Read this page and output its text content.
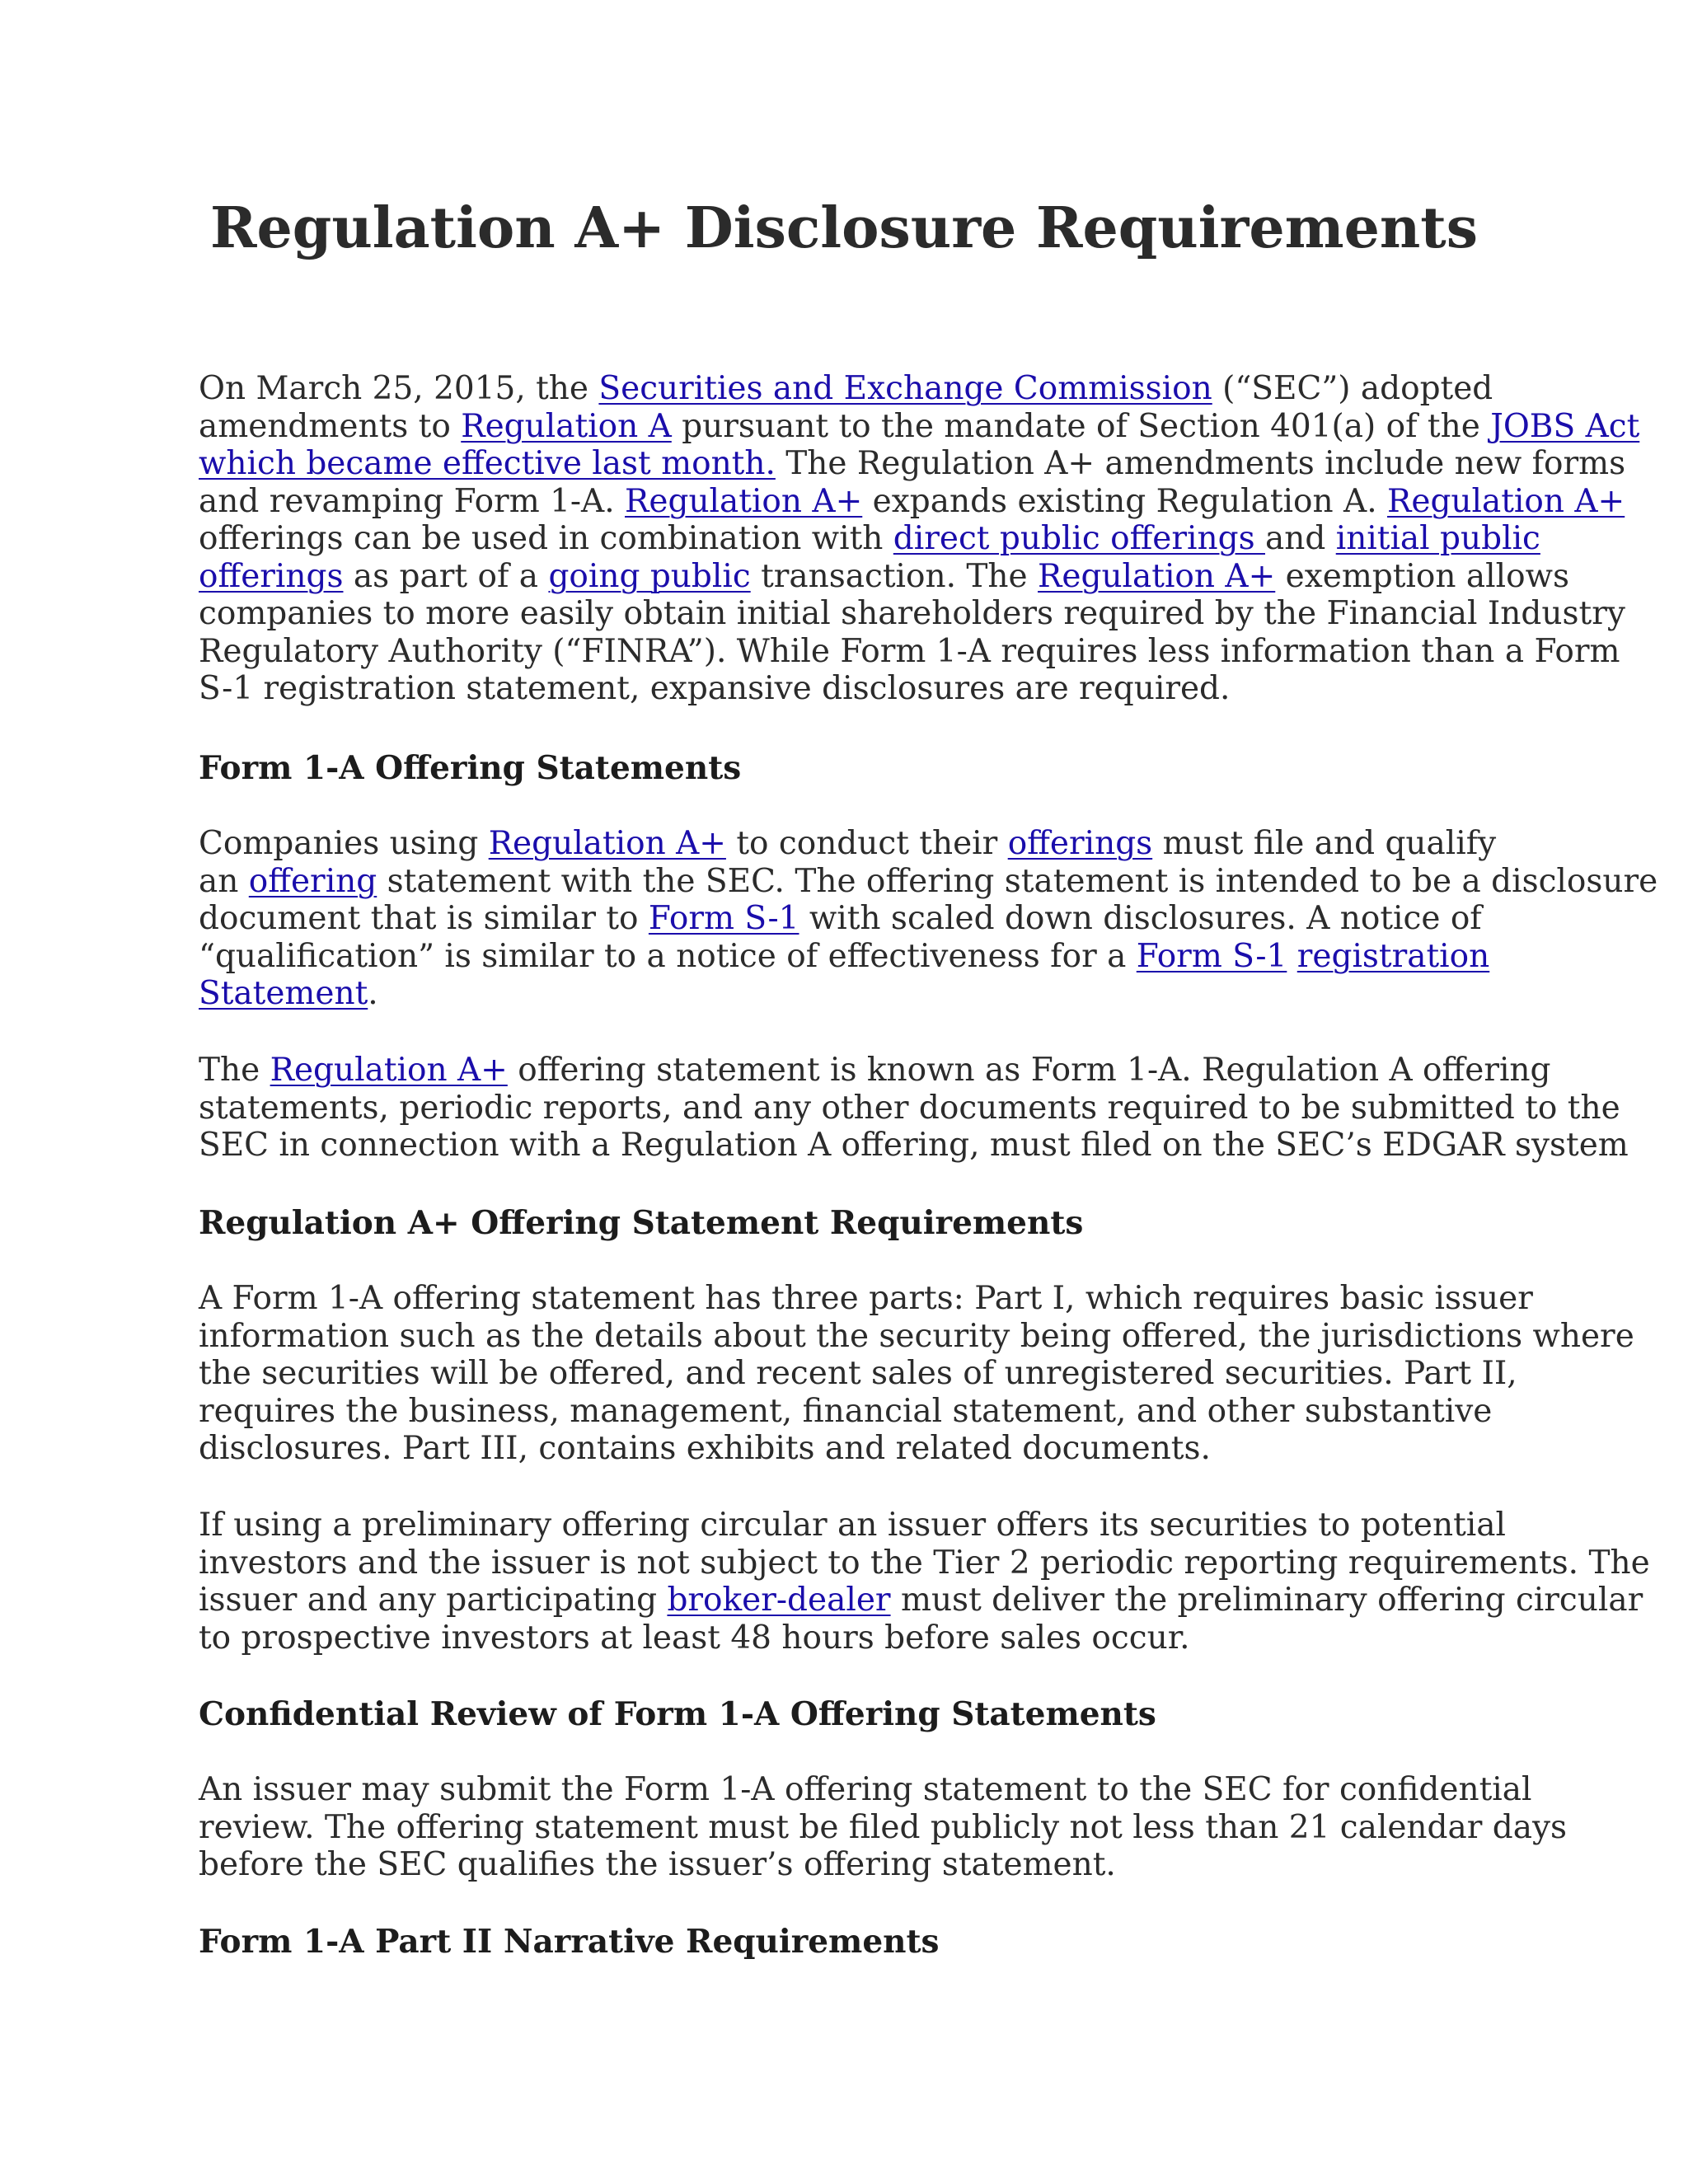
Regulation A+ Disclosure Requirements

On March 25, 2015, the Securities and Exchange Commission (“SEC”) adopted
amendments to Regulation A pursuant to the mandate of Section 401(a) of the JOBS Act
which became effective last month. The Regulation A+ amendments include new forms
and revamping Form 1-A. Regulation A+ expands existing Regulation A. Regulation A+
offerings can be used in combination with direct public offerings and initial public
offerings as part of a going public transaction. The Regulation A+ exemption allows
companies to more easily obtain initial shareholders required by the Financial Industry
Regulatory Authority (“FINRA”). While Form 1-A requires less information than a Form
S-1 registration statement, expansive disclosures are required.

Form 1-A Offering Statements

Companies using Regulation A+ to conduct their offerings must file and qualify
an offering statement with the SEC. The offering statement is intended to be a disclosure
document that is similar to Form S-1 with scaled down disclosures. A notice of
“qualification” is similar to a notice of effectiveness for a Form S-1 registration
Statement.

The Regulation A+ offering statement is known as Form 1-A. Regulation A offering
statements, periodic reports, and any other documents required to be submitted to the
SEC in connection with a Regulation A offering, must filed on the SEC’s EDGAR system

Regulation A+ Offering Statement Requirements

A Form 1-A offering statement has three parts: Part I, which requires basic issuer
information such as the details about the security being offered, the jurisdictions where
the securities will be offered, and recent sales of unregistered securities. Part II,
requires the business, management, financial statement, and other substantive
disclosures. Part III, contains exhibits and related documents.

If using a preliminary offering circular an issuer offers its securities to potential
investors and the issuer is not subject to the Tier 2 periodic reporting requirements. The
issuer and any participating broker-dealer must deliver the preliminary offering circular
to prospective investors at least 48 hours before sales occur.

Confidential Review of Form 1-A Offering Statements

An issuer may submit the Form 1-A offering statement to the SEC for confidential
review. The offering statement must be filed publicly not less than 21 calendar days
before the SEC qualifies the issuer’s offering statement.

Form 1-A Part II Narrative Requirements
